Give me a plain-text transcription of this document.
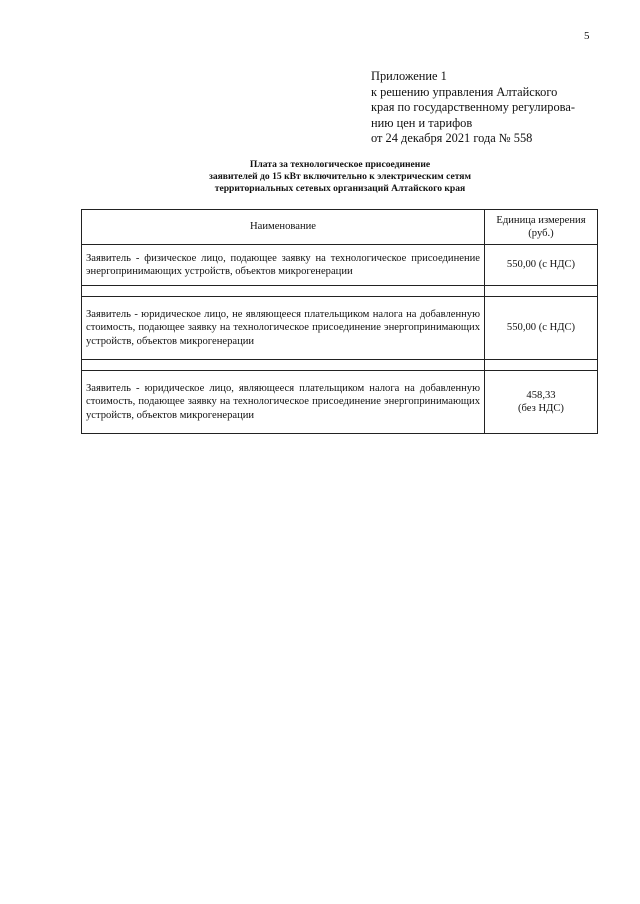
5
Приложение 1
к решению управления Алтайского
края по государственному регулирова-
нию цен и тарифов
от 24 декабря 2021 года № 558
Плата за технологическое присоединение
заявителей до 15 кВт включительно к электрическим сетям
территориальных сетевых организаций Алтайского края
Наименование	Единица измерения
(руб.)

Заявитель - физическое лицо, подающее заявку на технологическое присоединение энергопринимающих устройств, объектов микрогенерации	550,00 (с НДС)

Заявитель - юридическое лицо, не являющееся плательщиком налога на добавленную стоимость, подающее заявку на технологическое присоединение энергопринимающих устройств, объектов микрогенерации	550,00 (с НДС)

Заявитель - юридическое лицо, являющееся плательщиком налога на добавленную стоимость, подающее заявку на технологическое присоединение энергопринимающих устройств, объектов микрогенерации	458,33
(без НДС)
